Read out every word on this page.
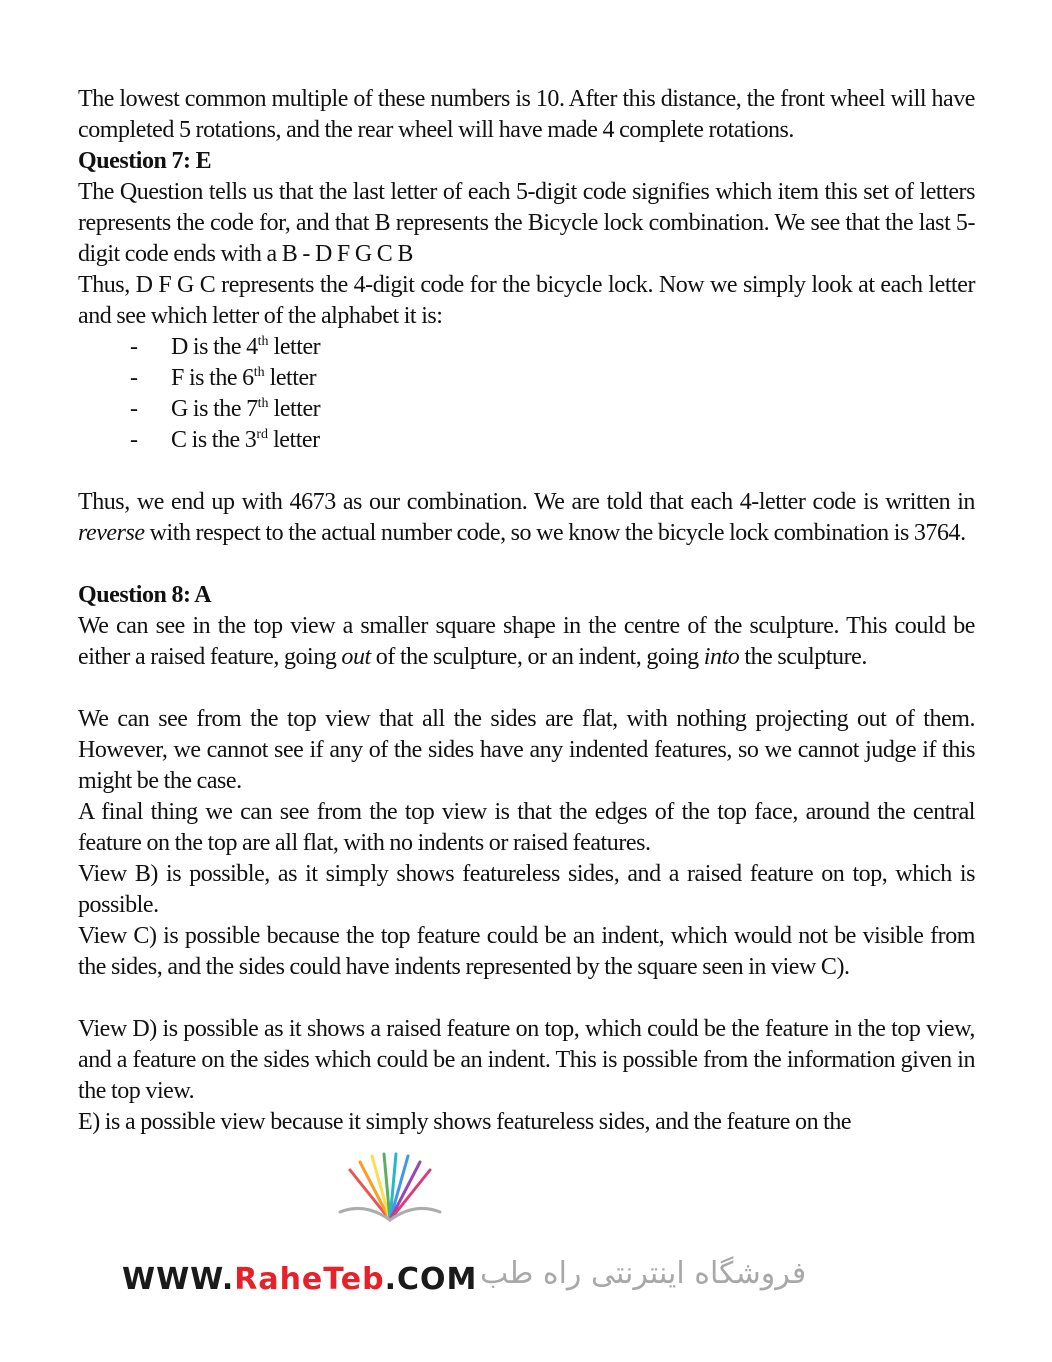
The lowest common multiple of these numbers is 10. After this distance, the front wheel will have completed 5 rotations, and the rear wheel will have made 4 complete rotations.

Question 7: E

The Question tells us that the last letter of each 5-digit code signifies which item this set of letters represents the code for, and that B represents the Bicycle lock combination. We see that the last 5-digit code ends with a B - D F G C B

Thus, D F G C represents the 4-digit code for the bicycle lock. Now we simply look at each letter and see which letter of the alphabet it is:

- D is the 4th letter
- F is the 6th letter
- G is the 7th letter
- C is the 3rd letter

Thus, we end up with 4673 as our combination. We are told that each 4-letter code is written in reverse with respect to the actual number code, so we know the bicycle lock combination is 3764.

Question 8: A

We can see in the top view a smaller square shape in the centre of the sculpture. This could be either a raised feature, going out of the sculpture, or an indent, going into the sculpture.

We can see from the top view that all the sides are flat, with nothing projecting out of them. However, we cannot see if any of the sides have any indented features, so we cannot judge if this might be the case.

A final thing we can see from the top view is that the edges of the top face, around the central feature on the top are all flat, with no indents or raised features.

View B) is possible, as it simply shows featureless sides, and a raised feature on top, which is possible.

View C) is possible because the top feature could be an indent, which would not be visible from the sides, and the sides could have indents represented by the square seen in view C).

View D) is possible as it shows a raised feature on top, which could be the feature in the top view, and a feature on the sides which could be an indent. This is possible from the information given in the top view.

E) is a possible view because it simply shows featureless sides, and the feature on the

فروشگاه اینترنتی راه طب
WWW.RaheTeb.COM
